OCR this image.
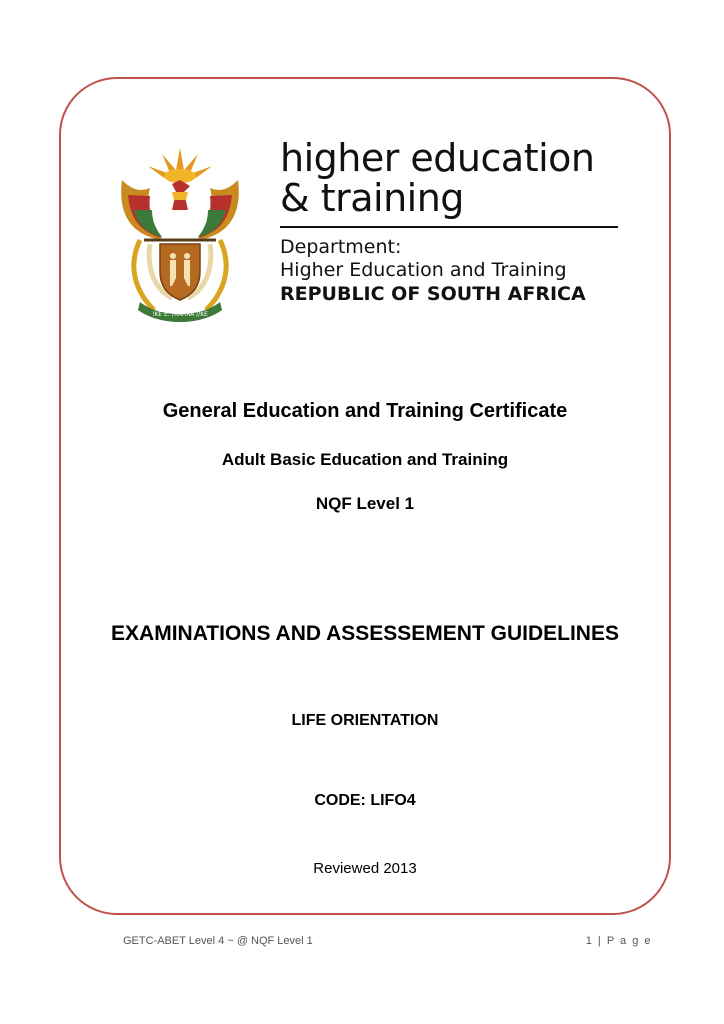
!KE E: /XARRA //KE
higher education
& training
Department:
Higher Education and Training
REPUBLIC OF SOUTH AFRICA
General Education and Training Certificate
Adult Basic Education and Training
NQF Level 1
EXAMINATIONS AND ASSESSEMENT GUIDELINES
LIFE ORIENTATION
CODE: LIFO4
Reviewed 2013
GETC-ABET Level 4 ~ @ NQF Level 1	1 | P a g e
